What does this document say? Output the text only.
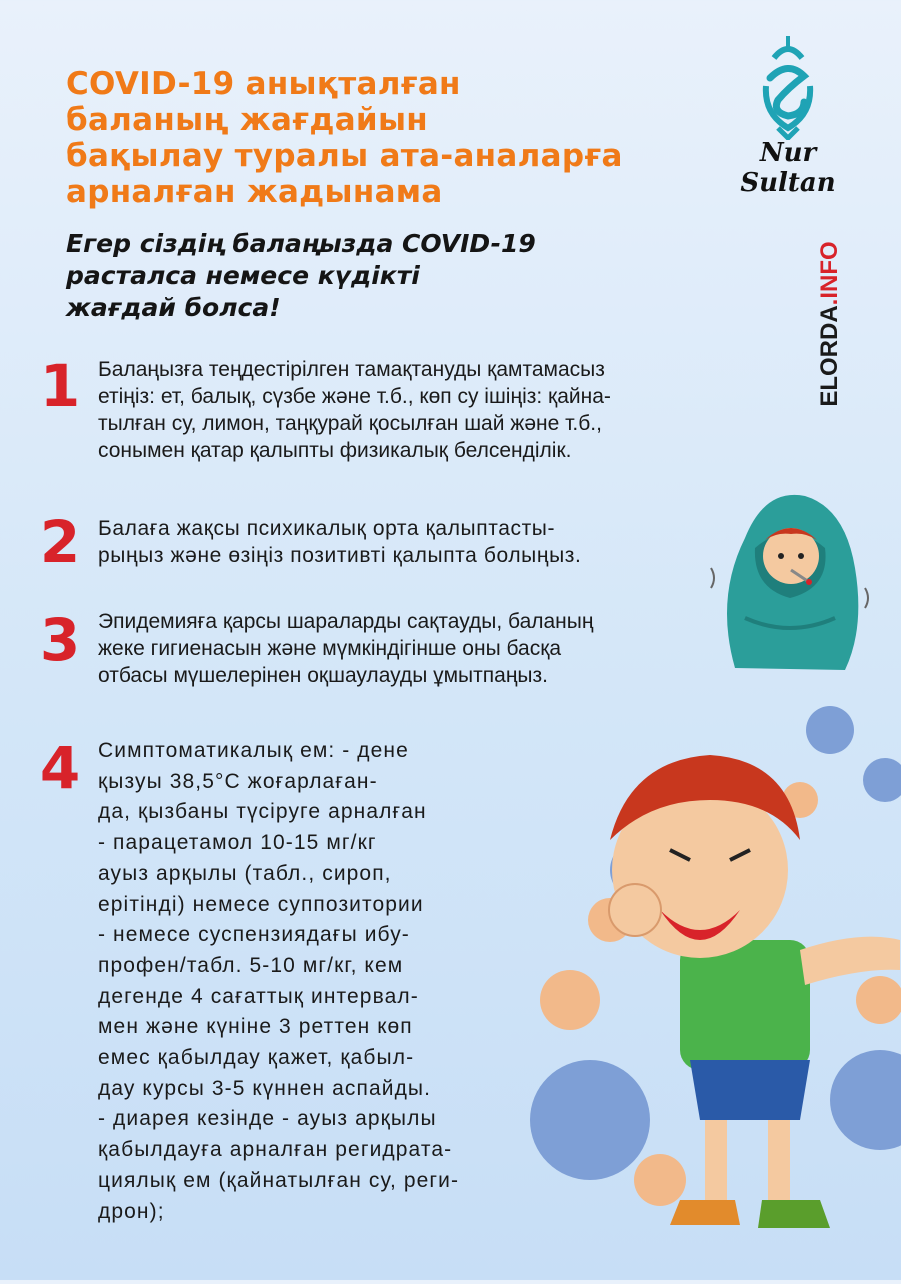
COVID-19 анықталған
баланың жағдайын
бақылау туралы ата-аналарға
арналған жадынама
Егер сіздің балаңызда COVID-19
расталса немесе күдікті
жағдай болса!
Nur Sultan
ELORDA.INFO
1 Балаңызға теңдестірілген тамақтануды қамтамасыз
етіңіз: ет, балық, сүзбе және т.б., көп су ішіңіз: қайна-
тылған су, лимон, таңқурай қосылған шай және т.б.,
сонымен қатар қалыпты физикалық белсенділік.
2 Балаға жақсы психикалық орта қалыптасты-
рыңыз және өзіңіз позитивті қалыпта болыңыз.
3 Эпидемияға қарсы шараларды сақтауды, баланың
жеке гигиенасын және мүмкіндігінше оны басқа
отбасы мүшелерінен оқшаулауды ұмытпаңыз.
4 Симптоматикалық ем: - дене
қызуы 38,5°С жоғарлаған-
да, қызбаны түсіруге арналған
- парацетамол 10-15 мг/кг
ауыз арқылы (табл., сироп,
ерітінді) немесе суппозитории
- немесе суспензиядағы ибу-
профен/табл. 5-10 мг/кг, кем
дегенде 4 сағаттық интервал-
мен және күніне 3 реттен көп
емес қабылдау қажет, қабыл-
дау курсы 3-5 күннен аспайды.
- диарея кезінде - ауыз арқылы
қабылдауға арналған регидрата-
циялық ем (қайнатылған су, реги-
дрон);
